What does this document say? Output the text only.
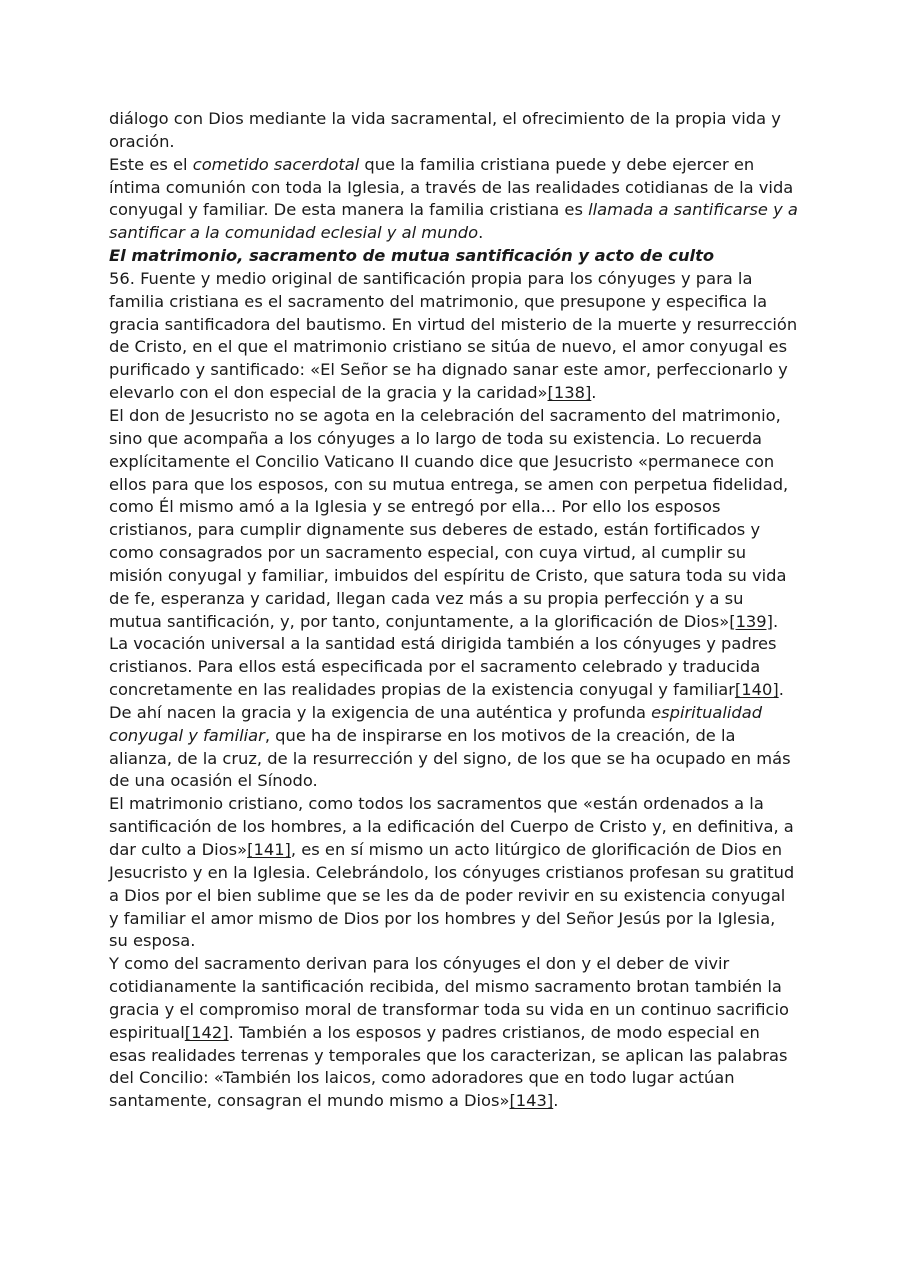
diálogo con Dios mediante la vida sacramental, el ofrecimiento de la propia vida y oración.

Este es el cometido sacerdotal que la familia cristiana puede y debe ejercer en íntima comunión con toda la Iglesia, a través de las realidades cotidianas de la vida conyugal y familiar. De esta manera la familia cristiana es llamada a santificarse y a santificar a la comunidad eclesial y al mundo.

El matrimonio, sacramento de mutua santificación y acto de culto

56. Fuente y medio original de santificación propia para los cónyuges y para la familia cristiana es el sacramento del matrimonio, que presupone y especifica la gracia santificadora del bautismo. En virtud del misterio de la muerte y resurrección de Cristo, en el que el matrimonio cristiano se sitúa de nuevo, el amor conyugal es purificado y santificado: «El Señor se ha dignado sanar este amor, perfeccionarlo y elevarlo con el don especial de la gracia y la caridad»[138].

El don de Jesucristo no se agota en la celebración del sacramento del matrimonio, sino que acompaña a los cónyuges a lo largo de toda su existencia. Lo recuerda explícitamente el Concilio Vaticano II cuando dice que Jesucristo «permanece con ellos para que los esposos, con su mutua entrega, se amen con perpetua fidelidad, como Él mismo amó a la Iglesia y se entregó por ella... Por ello los esposos cristianos, para cumplir dignamente sus deberes de estado, están fortificados y como consagrados por un sacramento especial, con cuya virtud, al cumplir su misión conyugal y familiar, imbuidos del espíritu de Cristo, que satura toda su vida de fe, esperanza y caridad, llegan cada vez más a su propia perfección y a su mutua santificación, y, por tanto, conjuntamente, a la glorificación de Dios»[139].

La vocación universal a la santidad está dirigida también a los cónyuges y padres cristianos. Para ellos está especificada por el sacramento celebrado y traducida concretamente en las realidades propias de la existencia conyugal y familiar[140]. De ahí nacen la gracia y la exigencia de una auténtica y profunda espiritualidad conyugal y familiar, que ha de inspirarse en los motivos de la creación, de la alianza, de la cruz, de la resurrección y del signo, de los que se ha ocupado en más de una ocasión el Sínodo.

El matrimonio cristiano, como todos los sacramentos que «están ordenados a la santificación de los hombres, a la edificación del Cuerpo de Cristo y, en definitiva, a dar culto a Dios»[141], es en sí mismo un acto litúrgico de glorificación de Dios en Jesucristo y en la Iglesia. Celebrándolo, los cónyuges cristianos profesan su gratitud a Dios por el bien sublime que se les da de poder revivir en su existencia conyugal y familiar el amor mismo de Dios por los hombres y del Señor Jesús por la Iglesia, su esposa.

Y como del sacramento derivan para los cónyuges el don y el deber de vivir cotidianamente la santificación recibida, del mismo sacramento brotan también la gracia y el compromiso moral de transformar toda su vida en un continuo sacrificio espiritual[142]. También a los esposos y padres cristianos, de modo especial en esas realidades terrenas y temporales que los caracterizan, se aplican las palabras del Concilio: «También los laicos, como adoradores que en todo lugar actúan santamente, consagran el mundo mismo a Dios»[143].
